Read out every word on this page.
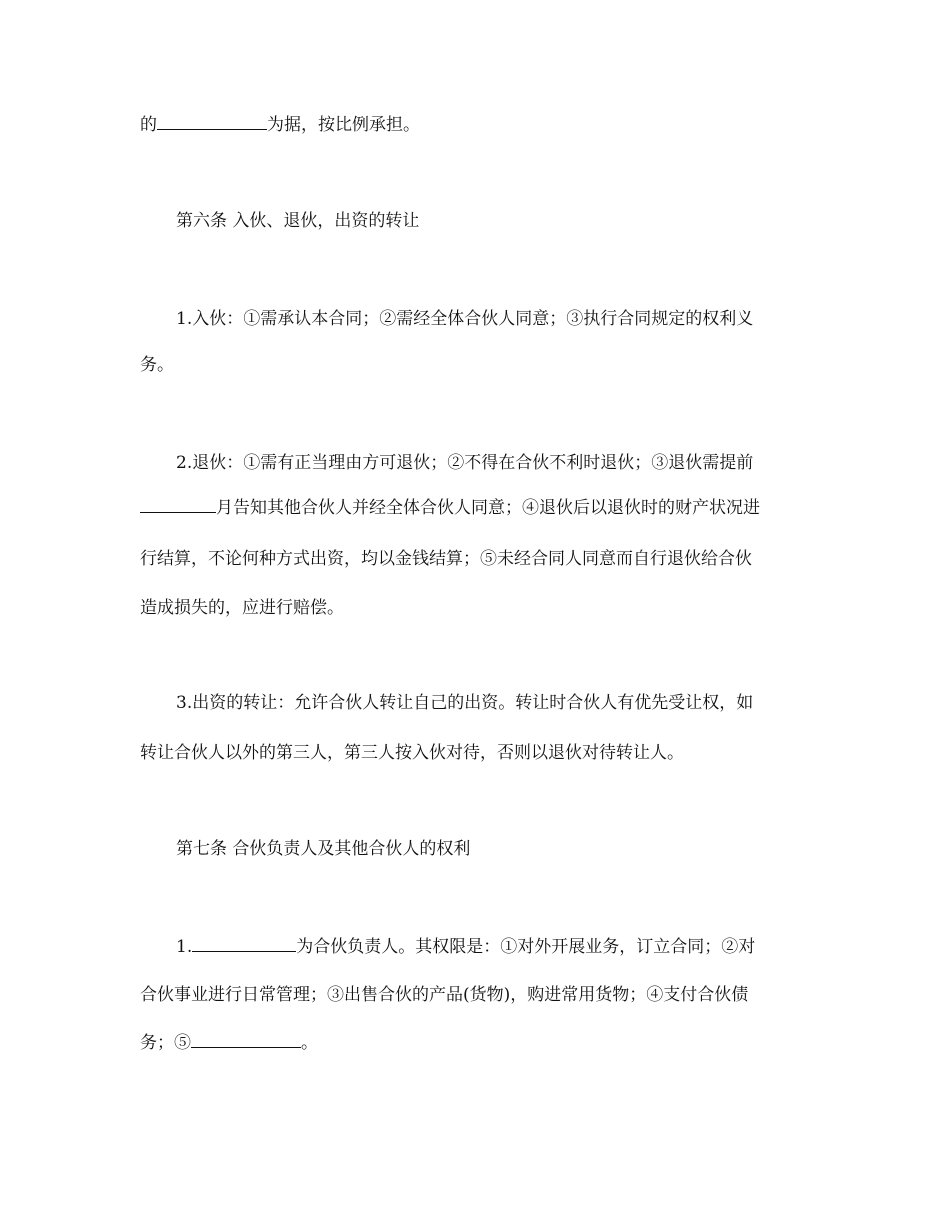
的	为据，按比例承担。
第六条 入伙、退伙，出资的转让
1.入伙：①需承认本合同；②需经全体合伙人同意；③执行合同规定的权利义
务。
2.退伙：①需有正当理由方可退伙；②不得在合伙不利时退伙；③退伙需提前
月告知其他合伙人并经全体合伙人同意；④退伙后以退伙时的财产状况进
行结算，不论何种方式出资，均以金钱结算；⑤未经合同人同意而自行退伙给合伙
造成损失的，应进行赔偿。
3.出资的转让：允许合伙人转让自己的出资。转让时合伙人有优先受让权，如
转让合伙人以外的第三人，第三人按入伙对待，否则以退伙对待转让人。
第七条 合伙负责人及其他合伙人的权利
1.	为合伙负责人。其权限是：①对外开展业务，订立合同；②对
合伙事业进行日常管理；③出售合伙的产品(货物)，购进常用货物；④支付合伙债
务；⑤	。
